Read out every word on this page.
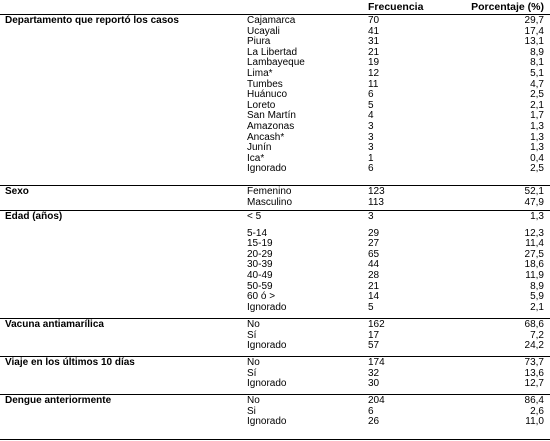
Frecuencia	Porcentaje (%)
Departamento que reportó los casos	Cajamarca	70	29,7
Ucayali	41	17,4
Piura	31	13,1
La Libertad	21	8,9
Lambayeque	19	8,1
Lima*	12	5,1
Tumbes	11	4,7
Huánuco	6	2,5
Loreto	5	2,1
San Martín	4	1,7
Amazonas	3	1,3
Ancash*	3	1,3
Junín	3	1,3
Ica*	1	0,4
Ignorado	6	2,5
Sexo	Femenino	123	52,1
Masculino	113	47,9
Edad (años)	< 5	3	1,3
5-14	29	12,3
15-19	27	11,4
20-29	65	27,5
30-39	44	18,6
40-49	28	11,9
50-59	21	8,9
60 ó >	14	5,9
Ignorado	5	2,1
Vacuna antiamarílica	No	162	68,6
Sí	17	7,2
Ignorado	57	24,2
Viaje en los últimos 10 días	No	174	73,7
Sí	32	13,6
Ignorado	30	12,7
Dengue anteriormente	No	204	86,4
Si	6	2,6
Ignorado	26	11,0
